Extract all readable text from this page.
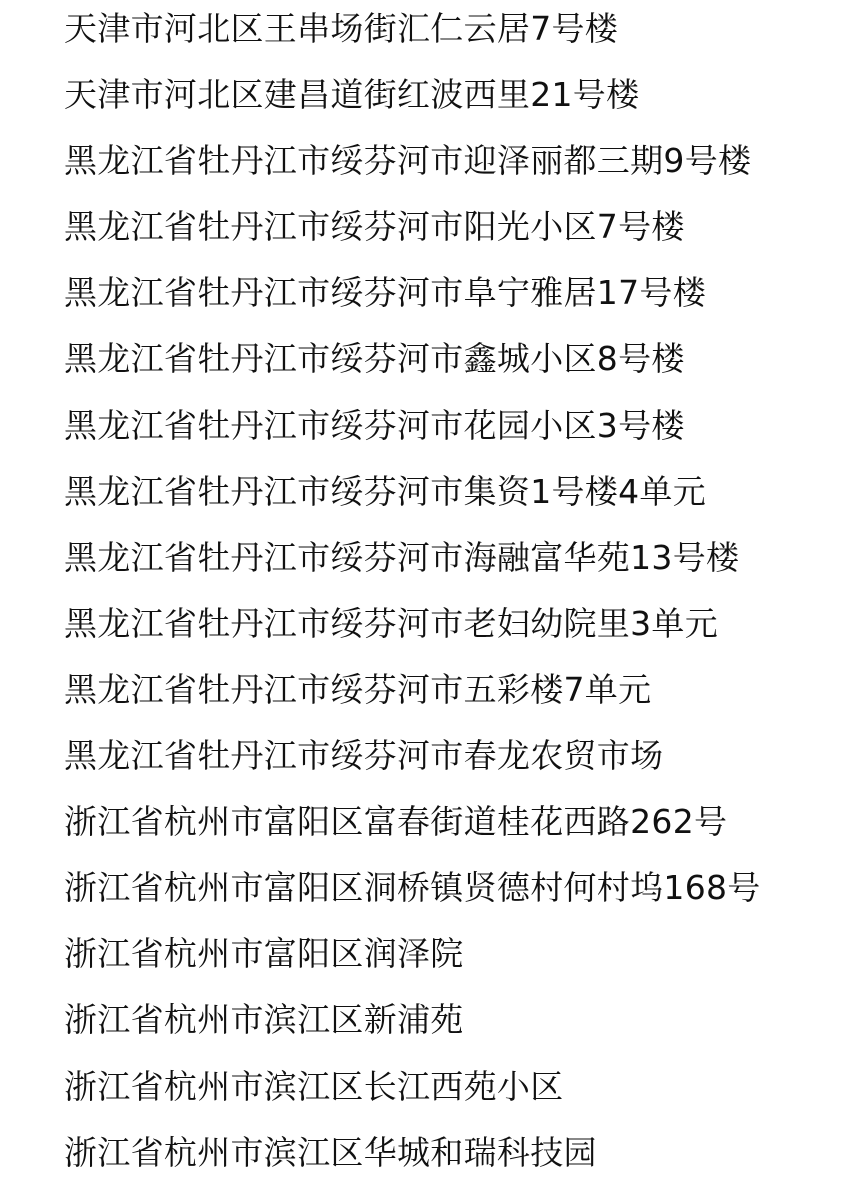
天津市河北区王串场街汇仁云居7号楼
天津市河北区建昌道街红波西里21号楼
黑龙江省牡丹江市绥芬河市迎泽丽都三期9号楼
黑龙江省牡丹江市绥芬河市阳光小区7号楼
黑龙江省牡丹江市绥芬河市阜宁雅居17号楼
黑龙江省牡丹江市绥芬河市鑫城小区8号楼
黑龙江省牡丹江市绥芬河市花园小区3号楼
黑龙江省牡丹江市绥芬河市集资1号楼4单元
黑龙江省牡丹江市绥芬河市海融富华苑13号楼
黑龙江省牡丹江市绥芬河市老妇幼院里3单元
黑龙江省牡丹江市绥芬河市五彩楼7单元
黑龙江省牡丹江市绥芬河市春龙农贸市场
浙江省杭州市富阳区富春街道桂花西路262号
浙江省杭州市富阳区洞桥镇贤德村何村坞168号
浙江省杭州市富阳区润泽院
浙江省杭州市滨江区新浦苑
浙江省杭州市滨江区长江西苑小区
浙江省杭州市滨江区华城和瑞科技园
